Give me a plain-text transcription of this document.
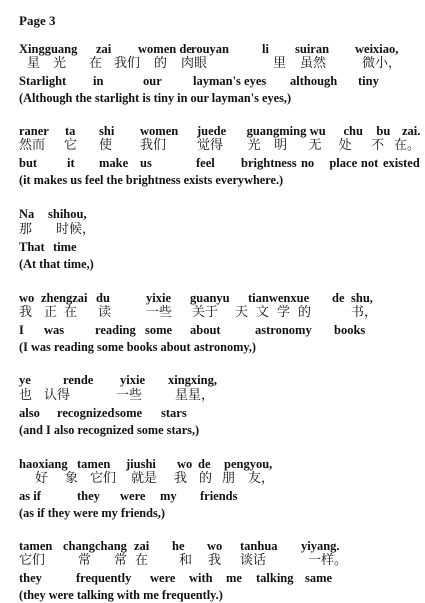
Page 3
Xingguang zai women de rouyan	li suiran weixiao,
星 光 在 我们 的 肉眼	里 虽然	微小，
Starlight in	our	layman's eyes although tiny
(Although the starlight is tiny in our layman's eyes,)
raner ta shi women juede guangming wu chu bu zai.
然而 它 使 我们 觉得 光 明 无 处 不 在。
but it make us	feel brightness no place not existed
(it makes us feel the brightness exists everywhere.)
Na shihou,
那 时候，
That time
(At that time,)
wo zhengzai du	yixie guanyu tianwenxue de shu,
我 正 在 读	一些 关于 天 文 学 的	书，
I was reading some about	astronomy books
(I was reading some books about astronomy,)
ye	rende yixie xingxing,
也 认得	一些	星星，
also recognized some stars
(and I also recognized some stars,)
haoxiang tamen jiushi wo de pengyou,
好 象 它们 就是 我 的 朋 友，
as if	they were my friends
(as if they were my friends,)
tamen changchang zai he wo tanhua yiyang.
它们	常 常 在 和 我 谈话	一样。
they	frequently were with me talking same
(they were talking with me frequently.)
